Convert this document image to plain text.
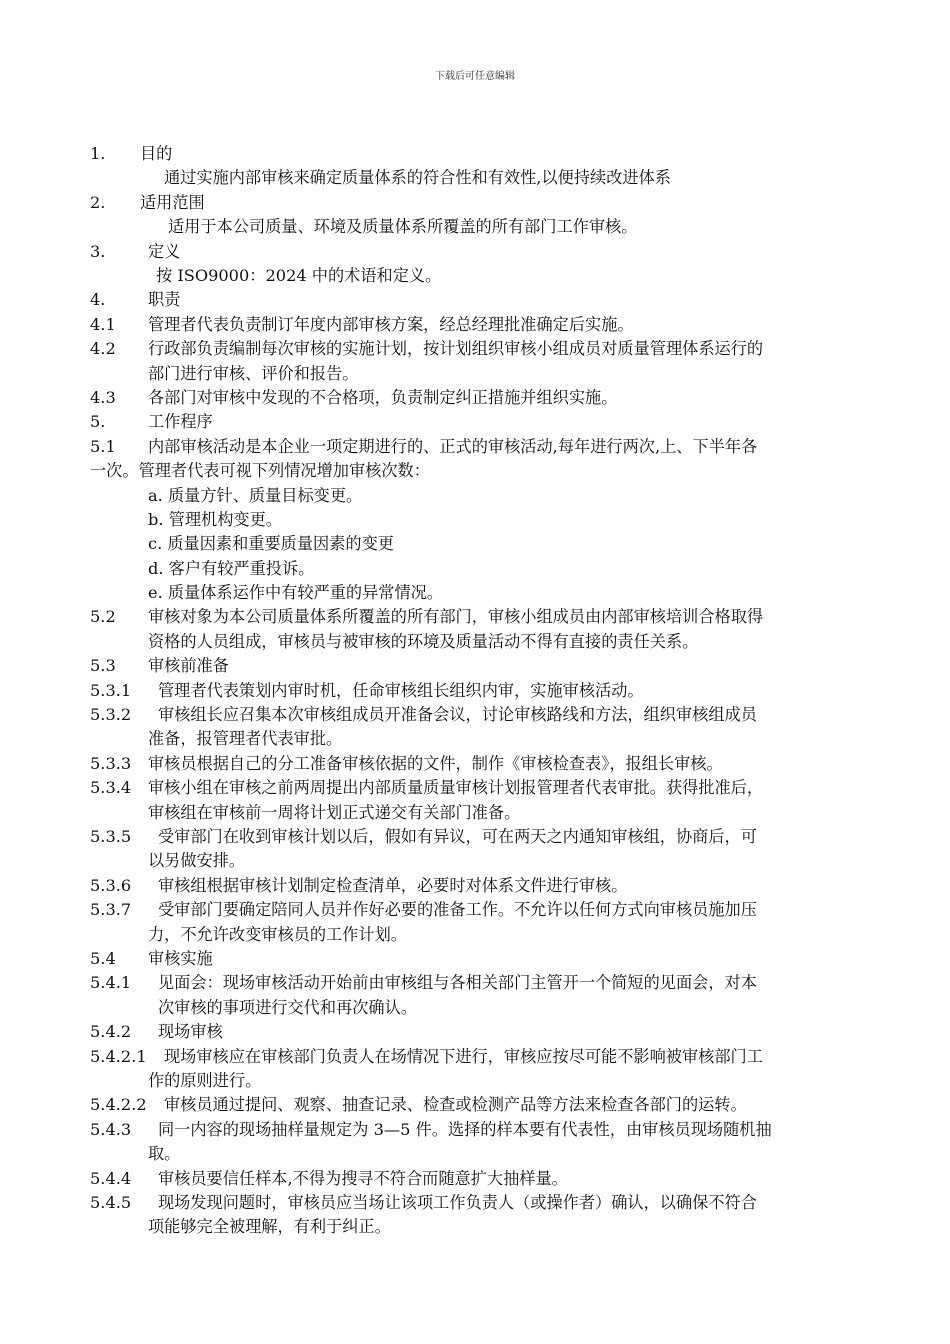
下载后可任意编辑
1. 目的
通过实施内部审核来确定质量体系的符合性和有效性,以便持续改进体系
2. 适用范围
适用于本公司质量、环境及质量体系所覆盖的所有部门工作审核。
3.	定义
按 ISO9000：2024 中的术语和定义。
4.	职责
4.1 管理者代表负责制订年度内部审核方案，经总经理批准确定后实施。
4.2 行政部负责编制每次审核的实施计划，按计划组织审核小组成员对质量管理体系运行的
部门进行审核、评价和报告。
4.3 各部门对审核中发现的不合格项，负责制定纠正措施并组织实施。
5.	工作程序
5.1 内部审核活动是本企业一项定期进行的、正式的审核活动,每年进行两次,上、下半年各
一次。管理者代表可视下列情况增加审核次数：
a. 质量方针、质量目标变更。
b. 管理机构变更。
c. 质量因素和重要质量因素的变更
d. 客户有较严重投诉。
e. 质量体系运作中有较严重的异常情况。
5.2 审核对象为本公司质量体系所覆盖的所有部门，审核小组成员由内部审核培训合格取得
资格的人员组成，审核员与被审核的环境及质量活动不得有直接的责任关系。
5.3 审核前准备
5.3.1 管理者代表策划内审时机，任命审核组长组织内审，实施审核活动。
5.3.2 审核组长应召集本次审核组成员开准备会议，讨论审核路线和方法，组织审核组成员
准备，报管理者代表审批。
5.3.3 审核员根据自己的分工准备审核依据的文件，制作《审核检查表》，报组长审核。
5.3.4 审核小组在审核之前两周提出内部质量质量审核计划报管理者代表审批。获得批准后，
审核组在审核前一周将计划正式递交有关部门准备。
5.3.5 受审部门在收到审核计划以后，假如有异议，可在两天之内通知审核组，协商后，可
以另做安排。
5.3.6 审核组根据审核计划制定检查清单，必要时对体系文件进行审核。
5.3.7 受审部门要确定陪同人员并作好必要的准备工作。不允许以任何方式向审核员施加压
力，不允许改变审核员的工作计划。
5.4 审核实施
5.4.1 见面会：现场审核活动开始前由审核组与各相关部门主管开一个简短的见面会，对本
次审核的事项进行交代和再次确认。
5.4.2 现场审核
5.4.2.1 现场审核应在审核部门负责人在场情况下进行，审核应按尽可能不影响被审核部门工
作的原则进行。
5.4.2.2 审核员通过提问、观察、抽查记录、检查或检测产品等方法来检查各部门的运转。
5.4.3 同一内容的现场抽样量规定为 3—5 件。选择的样本要有代表性，由审核员现场随机抽
取。
5.4.4 审核员要信任样本,不得为搜寻不符合而随意扩大抽样量。
5.4.5 现场发现问题时，审核员应当场让该项工作负责人（或操作者）确认，以确保不符合
项能够完全被理解，有利于纠正。
